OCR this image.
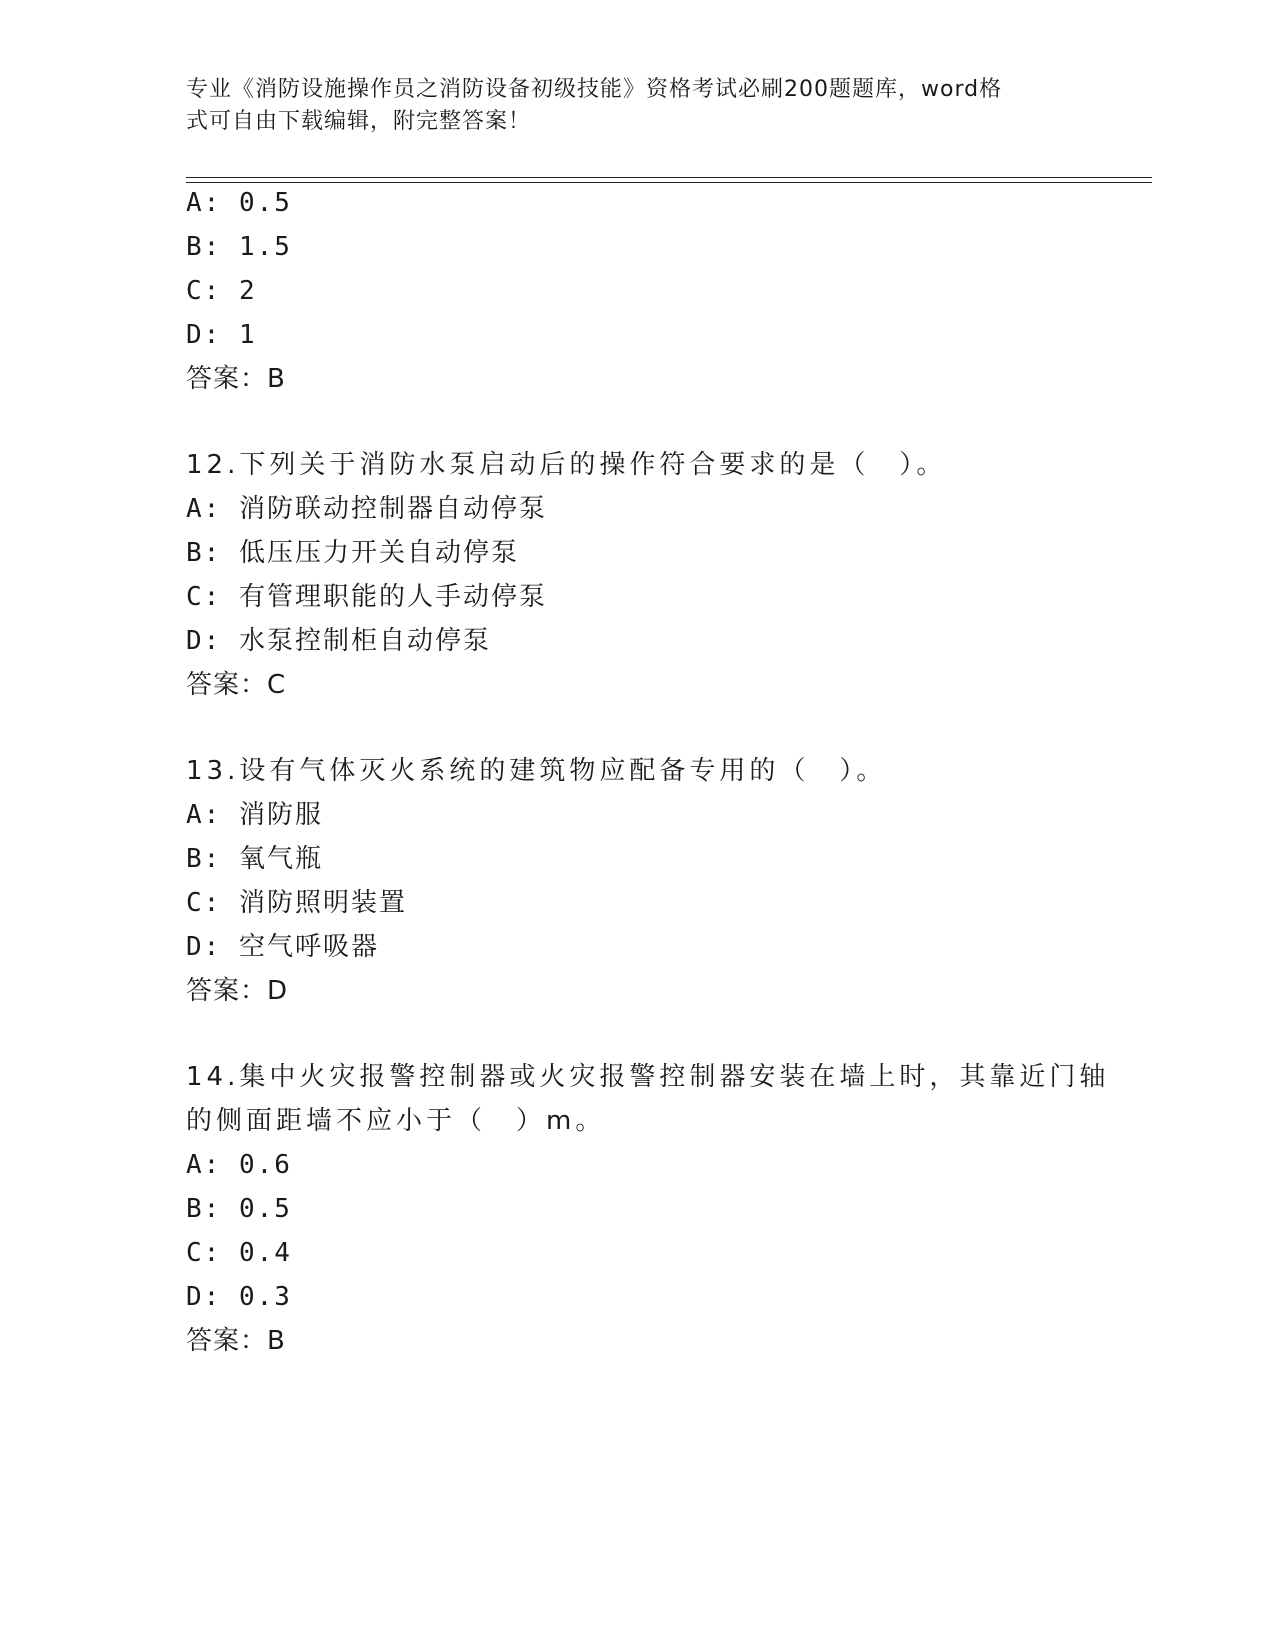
专业《消防设施操作员之消防设备初级技能》资格考试必刷200题题库，word格
式可自由下载编辑，附完整答案！
A: 0.5
B: 1.5
C: 2
D: 1
答案：B
12.下列关于消防水泵启动后的操作符合要求的是（　）。
A: 消防联动控制器自动停泵
B: 低压压力开关自动停泵
C: 有管理职能的人手动停泵
D: 水泵控制柜自动停泵
答案：C
13.设有气体灭火系统的建筑物应配备专用的（　）。
A: 消防服
B: 氧气瓶
C: 消防照明装置
D: 空气呼吸器
答案：D
14.集中火灾报警控制器或火灾报警控制器安装在墙上时，其靠近门轴
的侧面距墙不应小于（　）m。
A: 0.6
B: 0.5
C: 0.4
D: 0.3
答案：B
